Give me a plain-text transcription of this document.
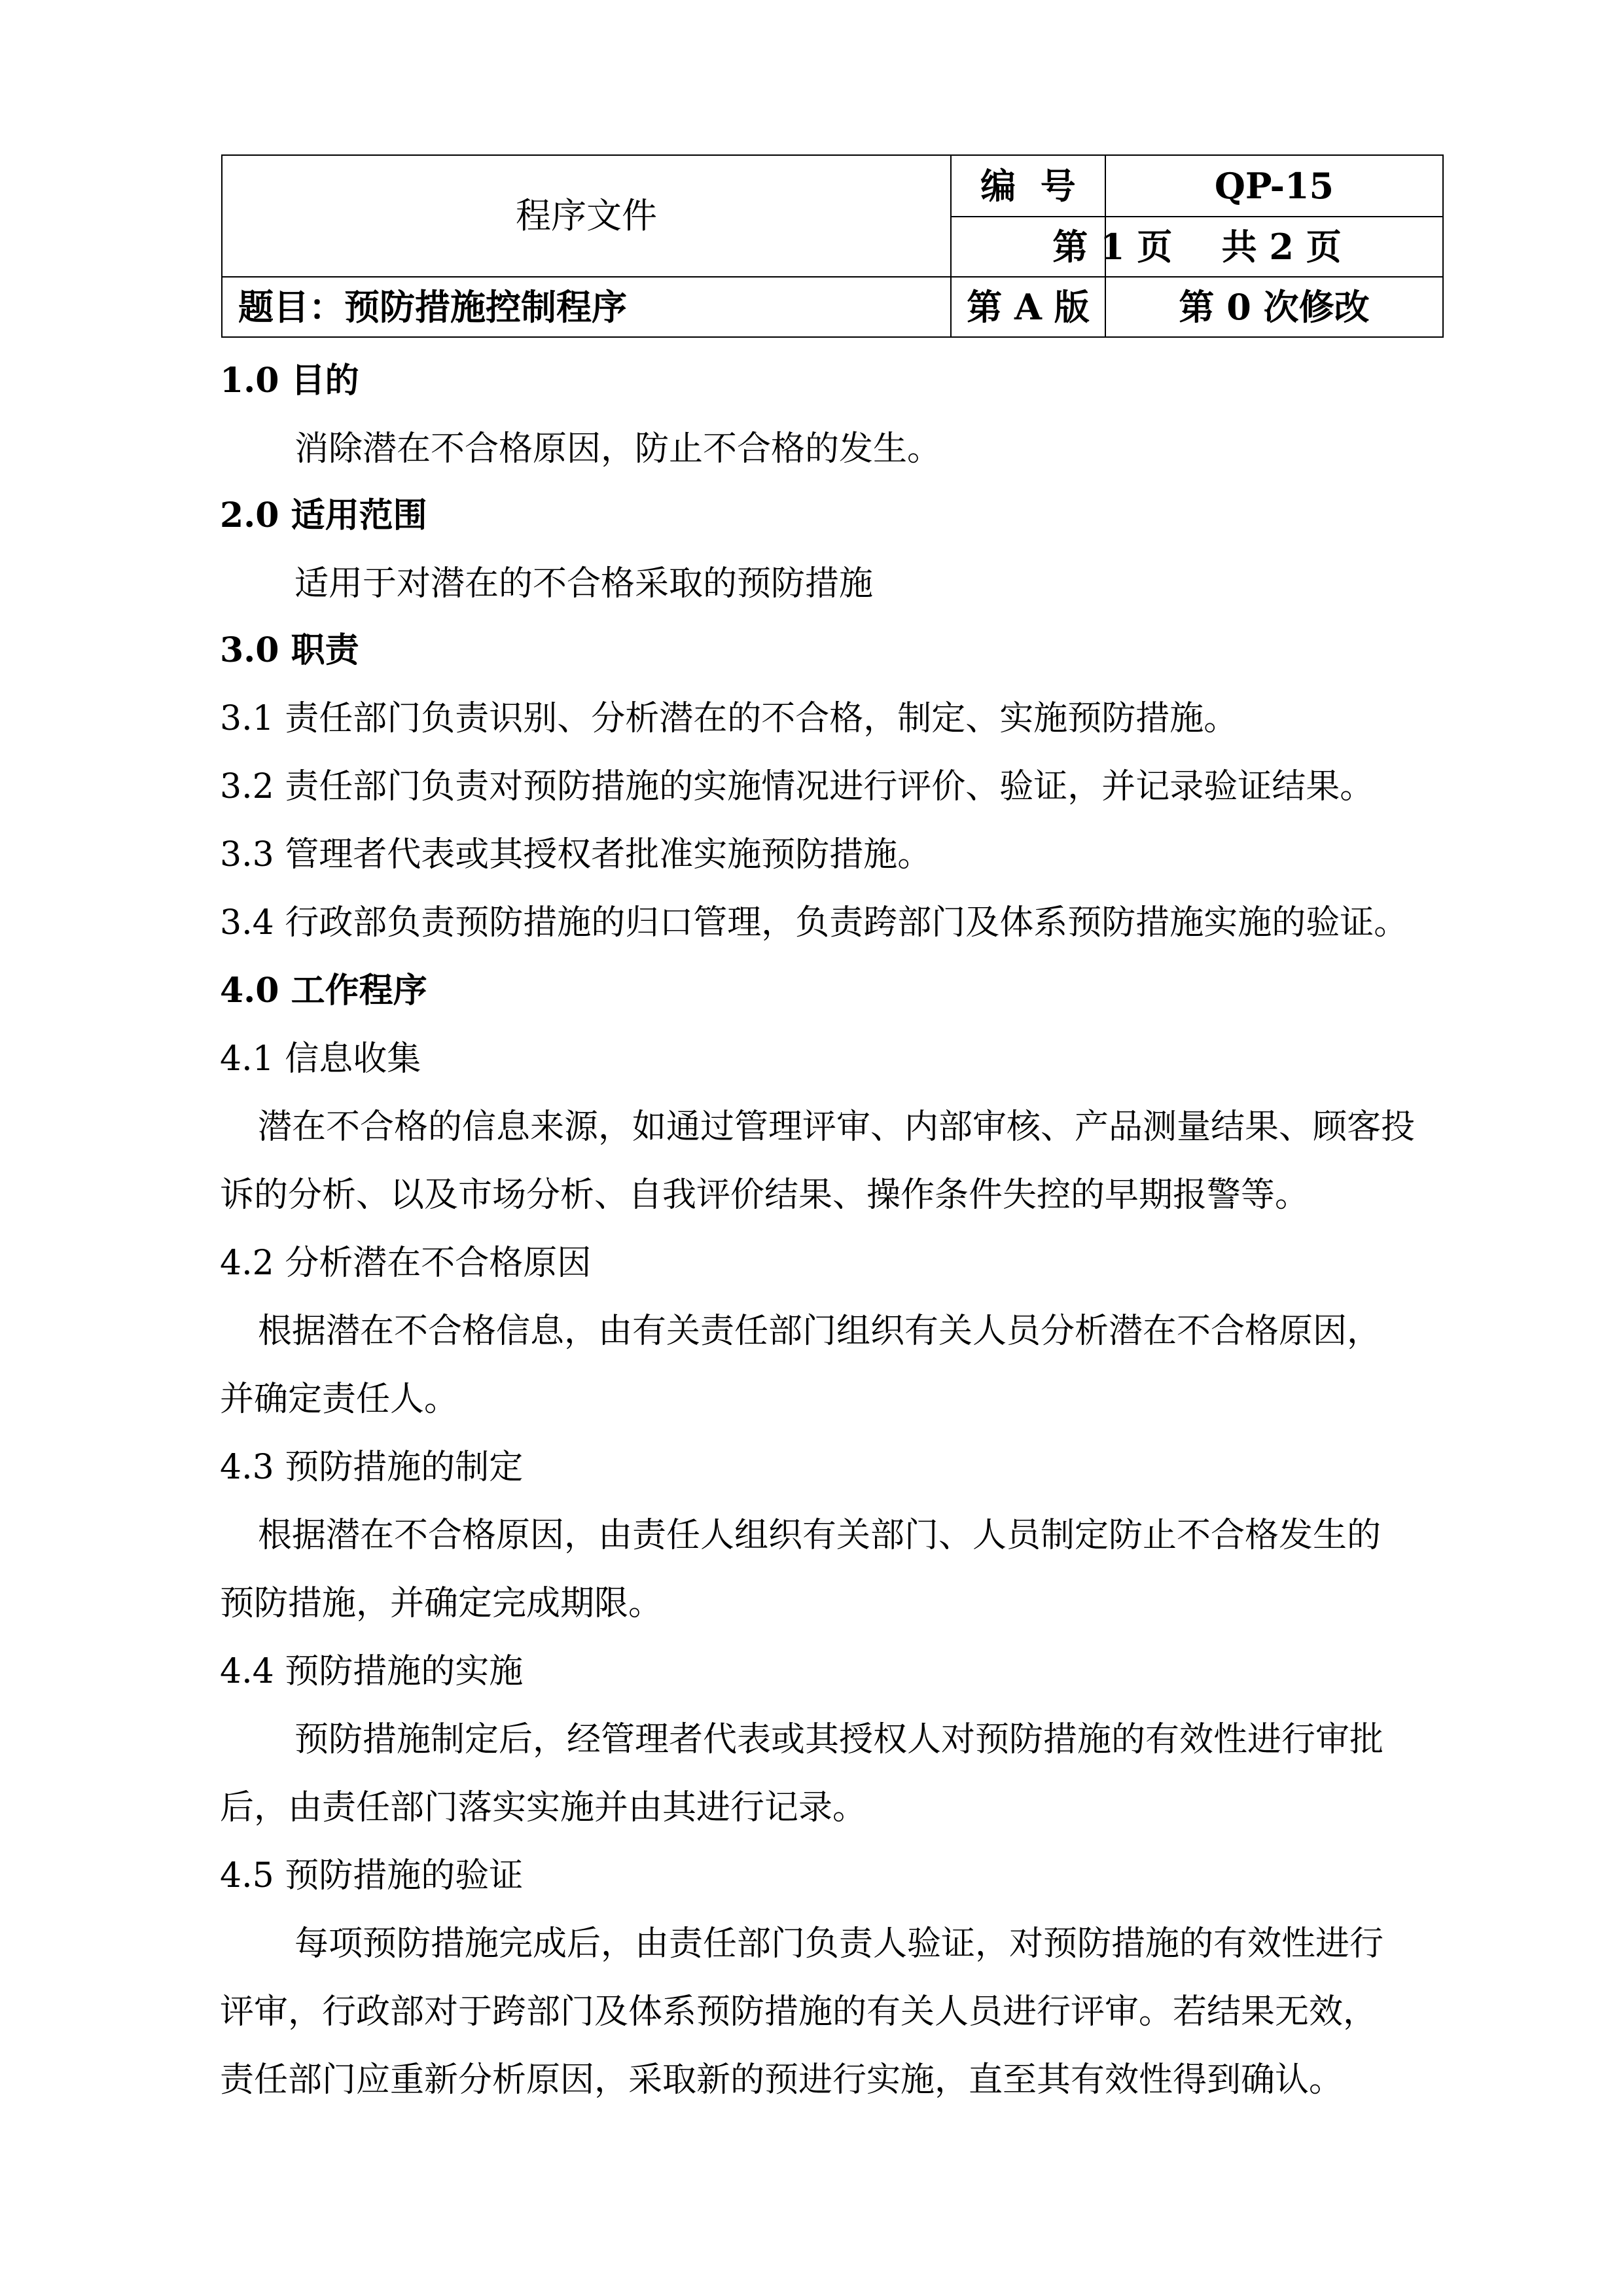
程序文件
编  号	QP-15
第 1 页    共 2 页
题目：预防措施控制程序	第 A 版	第 0 次修改
1.0 目的
消除潜在不合格原因，防止不合格的发生。
2.0 适用范围
适用于对潜在的不合格采取的预防措施
3.0 职责
3.1 责任部门负责识别、分析潜在的不合格，制定、实施预防措施。
3.2 责任部门负责对预防措施的实施情况进行评价、验证，并记录验证结果。
3.3 管理者代表或其授权者批准实施预防措施。
3.4 行政部负责预防措施的归口管理，负责跨部门及体系预防措施实施的验证。
4.0 工作程序
4.1 信息收集
潜在不合格的信息来源，如通过管理评审、内部审核、产品测量结果、顾客投
诉的分析、以及市场分析、自我评价结果、操作条件失控的早期报警等。
4.2 分析潜在不合格原因
根据潜在不合格信息，由有关责任部门组织有关人员分析潜在不合格原因，
并确定责任人。
4.3 预防措施的制定
根据潜在不合格原因，由责任人组织有关部门、人员制定防止不合格发生的
预防措施，并确定完成期限。
4.4 预防措施的实施
预防措施制定后，经管理者代表或其授权人对预防措施的有效性进行审批
后，由责任部门落实实施并由其进行记录。
4.5 预防措施的验证
每项预防措施完成后，由责任部门负责人验证，对预防措施的有效性进行
评审，行政部对于跨部门及体系预防措施的有关人员进行评审。若结果无效，
责任部门应重新分析原因，采取新的预进行实施，直至其有效性得到确认。
